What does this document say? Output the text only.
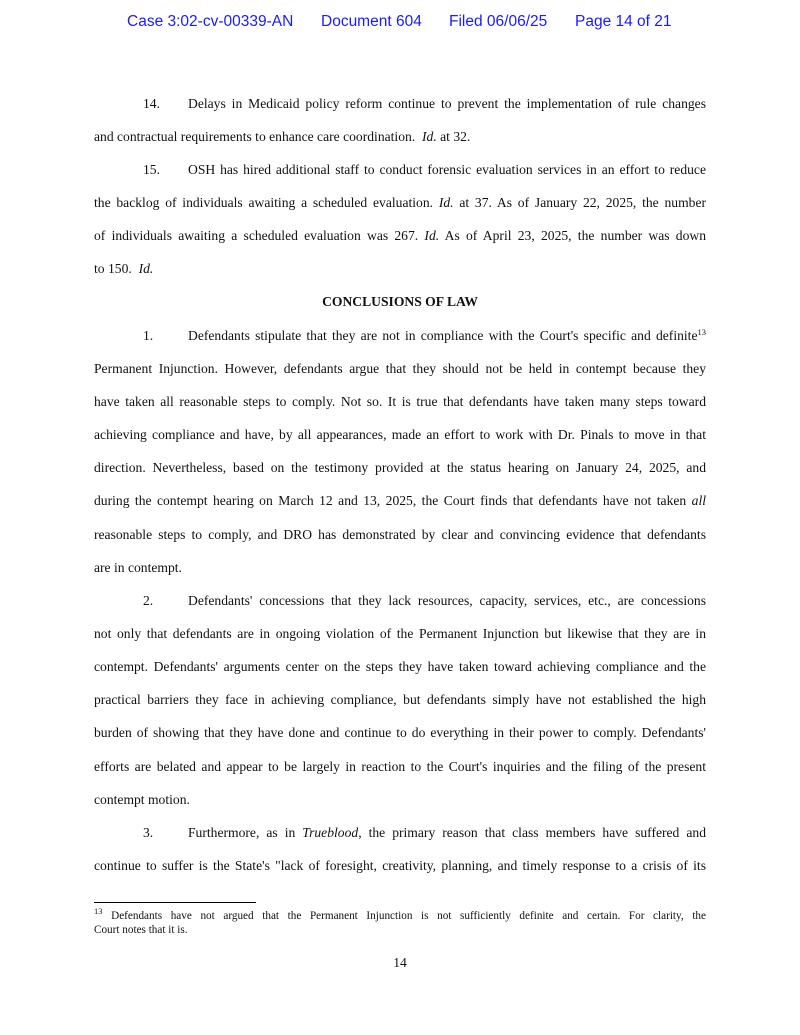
Case 3:02-cv-00339-AN Document 604 Filed 06/06/25 Page 14 of 21
14. Delays in Medicaid policy reform continue to prevent the implementation of rule changes
and contractual requirements to enhance care coordination.  Id. at 32.
15. OSH has hired additional staff to conduct forensic evaluation services in an effort to reduce
the backlog of individuals awaiting a scheduled evaluation. Id. at 37. As of January 22, 2025, the number
of individuals awaiting a scheduled evaluation was 267. Id. As of April 23, 2025, the number was down
to 150.  Id.
CONCLUSIONS OF LAW
1.	Defendants stipulate that they are not in compliance with the Court's specific and definite$^{13}$
Permanent Injunction. However, defendants argue that they should not be held in contempt because they
have taken all reasonable steps to comply. Not so. It is true that defendants have taken many steps toward
achieving compliance and have, by all appearances, made an effort to work with Dr. Pinals to move in that
direction. Nevertheless, based on the testimony provided at the status hearing on January 24, 2025, and
during the contempt hearing on March 12 and 13, 2025, the Court finds that defendants have not taken all
reasonable steps to comply, and DRO has demonstrated by clear and convincing evidence that defendants
are in contempt.
2.	Defendants' concessions that they lack resources, capacity, services, etc., are concessions
not only that defendants are in ongoing violation of the Permanent Injunction but likewise that they are in
contempt. Defendants' arguments center on the steps they have taken toward achieving compliance and the
practical barriers they face in achieving compliance, but defendants simply have not established the high
burden of showing that they have done and continue to do everything in their power to comply. Defendants'
efforts are belated and appear to be largely in reaction to the Court's inquiries and the filing of the present
contempt motion.
3.	Furthermore, as in Trueblood, the primary reason that class members have suffered and
continue to suffer is the State's "lack of foresight, creativity, planning, and timely response to a crisis of its
$^{13}$ Defendants have not argued that the Permanent Injunction is not sufficiently definite and certain. For clarity, the
Court notes that it is.
14
